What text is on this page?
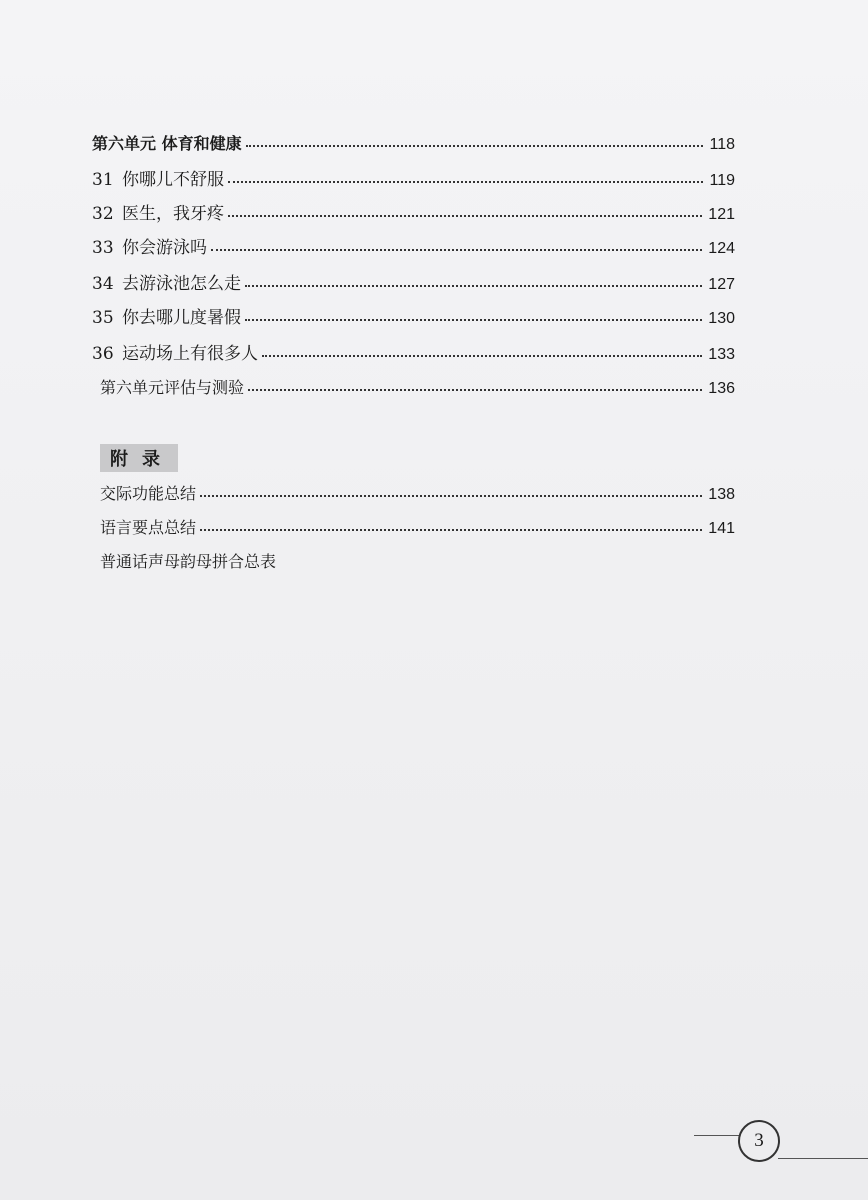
第六单元 体育和健康	118
31 你哪儿不舒服	119
32 医生，我牙疼	121
33 你会游泳吗	124
34 去游泳池怎么走	127
35 你去哪儿度暑假	130
36 运动场上有很多人	133
第六单元评估与测验	136
附录
交际功能总结	138
语言要点总结	141
普通话声母韵母拼合总表
3
